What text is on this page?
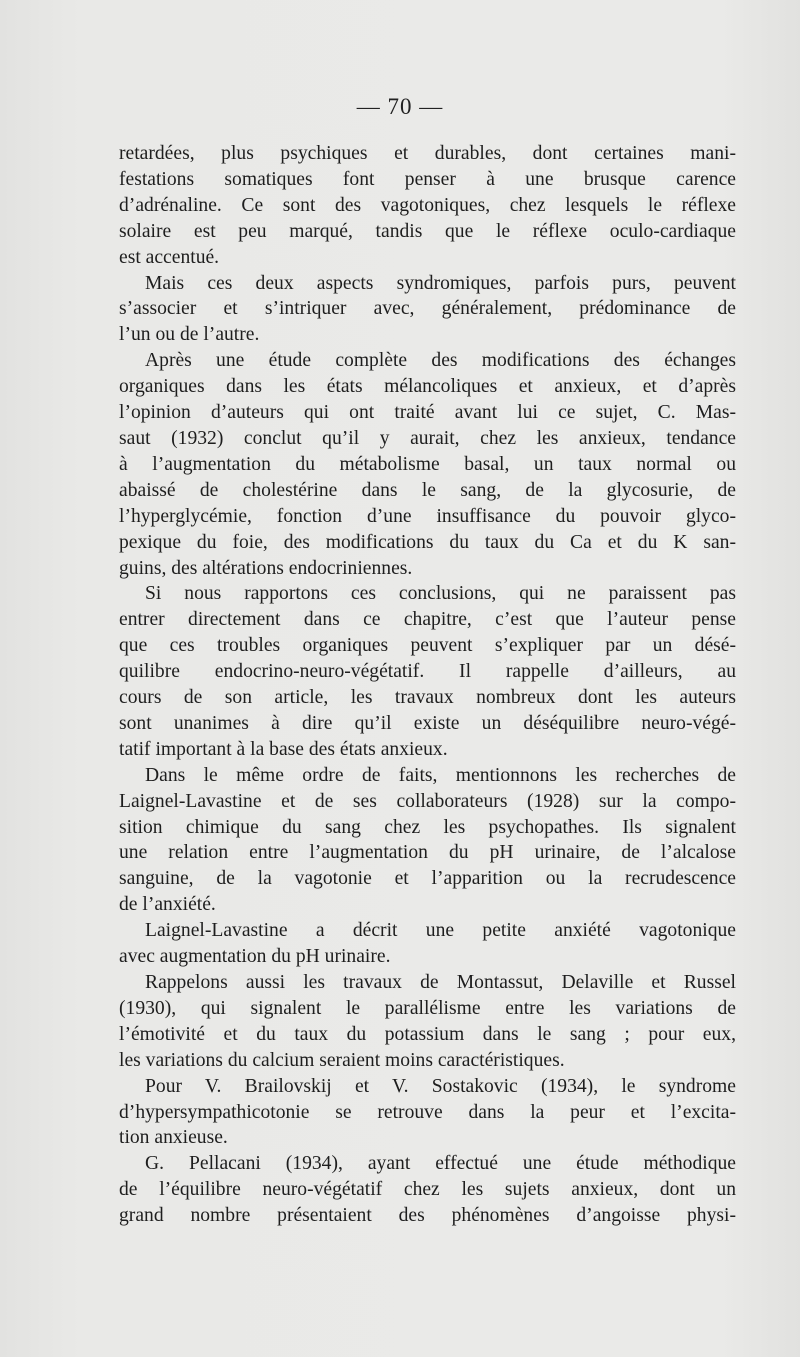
— 70 —
retardées, plus psychiques et durables, dont certaines mani-
festations somatiques font penser à une brusque carence
d’adrénaline. Ce sont des vagotoniques, chez lesquels le réflexe
solaire est peu marqué, tandis que le réflexe oculo-cardiaque
est accentué.
Mais ces deux aspects syndromiques, parfois purs, peuvent
s’associer et s’intriquer avec, généralement, prédominance de
l’un ou de l’autre.
Après une étude complète des modifications des échanges
organiques dans les états mélancoliques et anxieux, et d’après
l’opinion d’auteurs qui ont traité avant lui ce sujet, C. Mas-
saut (1932) conclut qu’il y aurait, chez les anxieux, tendance
à l’augmentation du métabolisme basal, un taux normal ou
abaissé de cholestérine dans le sang, de la glycosurie, de
l’hyperglycémie, fonction d’une insuffisance du pouvoir glyco-
pexique du foie, des modifications du taux du Ca et du K san-
guins, des altérations endocriniennes.
Si nous rapportons ces conclusions, qui ne paraissent pas
entrer directement dans ce chapitre, c’est que l’auteur pense
que ces troubles organiques peuvent s’expliquer par un désé-
quilibre endocrino-neuro-végétatif. Il rappelle d’ailleurs, au
cours de son article, les travaux nombreux dont les auteurs
sont unanimes à dire qu’il existe un déséquilibre neuro-végé-
tatif important à la base des états anxieux.
Dans le même ordre de faits, mentionnons les recherches de
Laignel-Lavastine et de ses collaborateurs (1928) sur la compo-
sition chimique du sang chez les psychopathes. Ils signalent
une relation entre l’augmentation du pH urinaire, de l’alcalose
sanguine, de la vagotonie et l’apparition ou la recrudescence
de l’anxiété.
Laignel-Lavastine a décrit une petite anxiété vagotonique
avec augmentation du pH urinaire.
Rappelons aussi les travaux de Montassut, Delaville et Russel
(1930), qui signalent le parallélisme entre les variations de
l’émotivité et du taux du potassium dans le sang ; pour eux,
les variations du calcium seraient moins caractéristiques.
Pour V. Brailovskij et V. Sostakovic (1934), le syndrome
d’hypersympathicotonie se retrouve dans la peur et l’excita-
tion anxieuse.
G. Pellacani (1934), ayant effectué une étude méthodique
de l’équilibre neuro-végétatif chez les sujets anxieux, dont un
grand nombre présentaient des phénomènes d’angoisse physi-
